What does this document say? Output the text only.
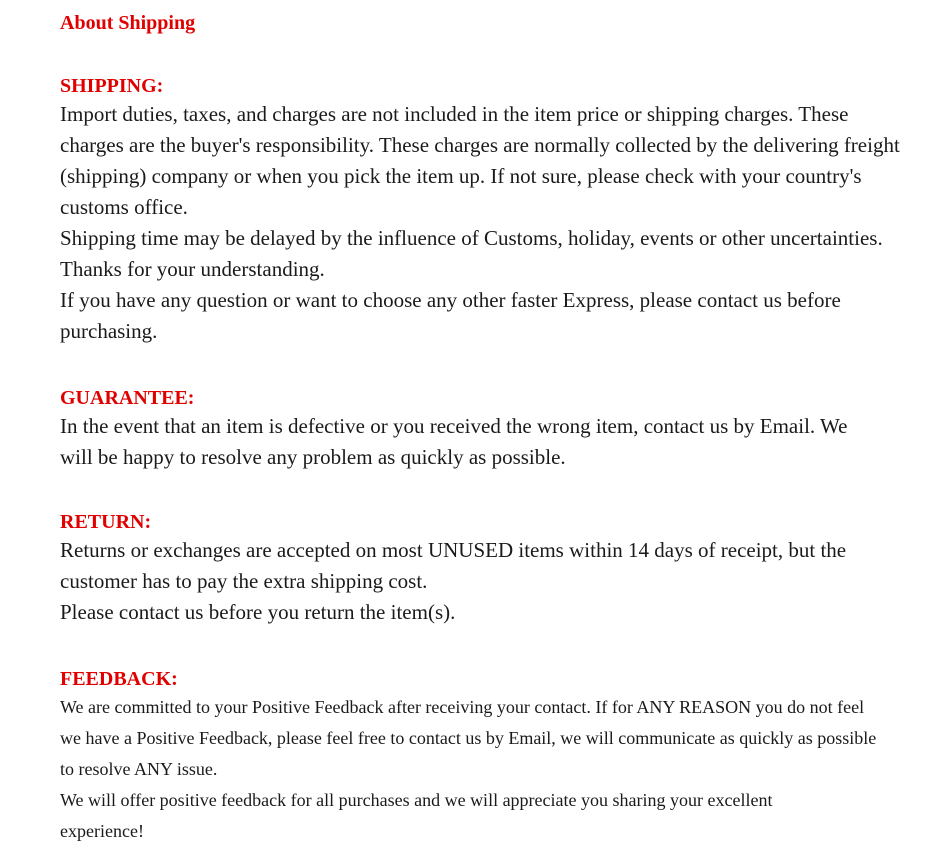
About Shipping
SHIPPING:

Import duties, taxes, and charges are not included in the item price or shipping charges. These charges are the buyer's responsibility. These charges are normally collected by the delivering freight (shipping) company or when you pick the item up. If not sure, please check with your country's customs office.

Shipping time may be delayed by the influence of Customs, holiday, events or other uncertainties. Thanks for your understanding.

If you have any question or want to choose any other faster Express, please contact us before purchasing.

GUARANTEE:

In the event that an item is defective or you received the wrong item, contact us by Email. We will be happy to resolve any problem as quickly as possible.

RETURN:

Returns or exchanges are accepted on most UNUSED items within 14 days of receipt, but the customer has to pay the extra shipping cost.

Please contact us before you return the item(s).

FEEDBACK:

We are committed to your Positive Feedback after receiving your contact. If for ANY REASON you do not feel we have a Positive Feedback, please feel free to contact us by Email, we will communicate as quickly as possible to resolve ANY issue.

We will offer positive feedback for all purchases and we will appreciate you sharing your excellent experience!
